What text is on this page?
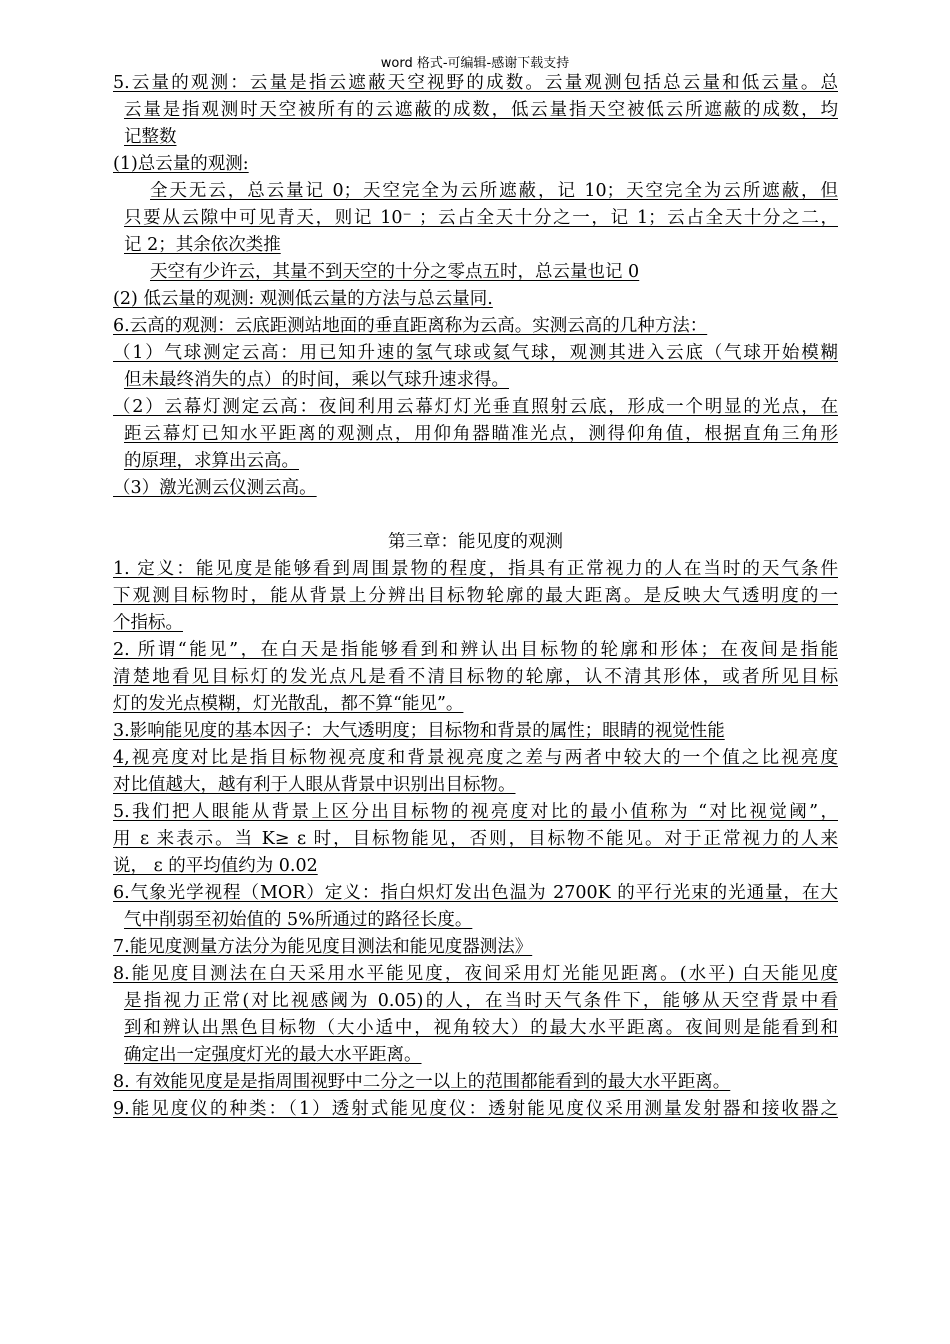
word 格式-可编辑-感谢下载支持
5.云量的观测：云量是指云遮蔽天空视野的成数。云量观测包括总云量和低云量。总
云量是指观测时天空被所有的云遮蔽的成数，低云量指天空被低云所遮蔽的成数，均
记整数
(1)总云量的观测:
全天无云，总云量记 0；天空完全为云所遮蔽，记 10；天空完全为云所遮蔽，但
只要从云隙中可见青天，则记 10⁻ ；云占全天十分之一，记 1；云占全天十分之二，
记 2；其余依次类推
天空有少许云，其量不到天空的十分之零点五时，总云量也记 0
(2) 低云量的观测: 观测低云量的方法与总云量同.
6.云高的观测：云底距测站地面的垂直距离称为云高。实测云高的几种方法：
（1）气球测定云高：用已知升速的氢气球或氦气球，观测其进入云底（气球开始模糊
但未最终消失的点）的时间，乘以气球升速求得。
（2）云幕灯测定云高：夜间利用云幕灯灯光垂直照射云底，形成一个明显的光点，在
距云幕灯已知水平距离的观测点，用仰角器瞄准光点，测得仰角值，根据直角三角形
的原理，求算出云高。
（3）激光测云仪测云高。
第三章：能见度的观测
1. 定义：能见度是能够看到周围景物的程度，指具有正常视力的人在当时的天气条件
下观测目标物时，能从背景上分辨出目标物轮廓的最大距离。是反映大气透明度的一
个指标。
2. 所谓“能见”，在白天是指能够看到和辨认出目标物的轮廓和形体；在夜间是指能
清楚地看见目标灯的发光点凡是看不清目标物的轮廓，认不清其形体，或者所见目标
灯的发光点模糊，灯光散乱，都不算“能见”。
3.影响能见度的基本因子：大气透明度；目标物和背景的属性；眼睛的视觉性能
4,视亮度对比是指目标物视亮度和背景视亮度之差与两者中较大的一个值之比视亮度
对比值越大，越有利于人眼从背景中识别出目标物。
5.我们把人眼能从背景上区分出目标物的视亮度对比的最小值称为 “对比视觉阈”，
用 ε 来表示。当 K≥ ε 时，目标物能见，否则，目标物不能见。对于正常视力的人来
说， ε 的平均值约为 0.02
6.气象光学视程（MOR）定义：指白炽灯发出色温为 2700K 的平行光束的光通量，在大
气中削弱至初始值的 5%所通过的路径长度。
7.能见度测量方法分为能见度目测法和能见度器测法》
8.能见度目测法在白天采用水平能见度，夜间采用灯光能见距离。(水平) 白天能见度
是指视力正常(对比视感阈为 0.05)的人，在当时天气条件下，能够从天空背景中看
到和辨认出黑色目标物（大小适中，视角较大）的最大水平距离。夜间则是能看到和
确定出一定强度灯光的最大水平距离。
8. 有效能见度是是指周围视野中二分之一以上的范围都能看到的最大水平距离。
9.能见度仪的种类：（1）透射式能见度仪：透射能见度仪采用测量发射器和接收器之
